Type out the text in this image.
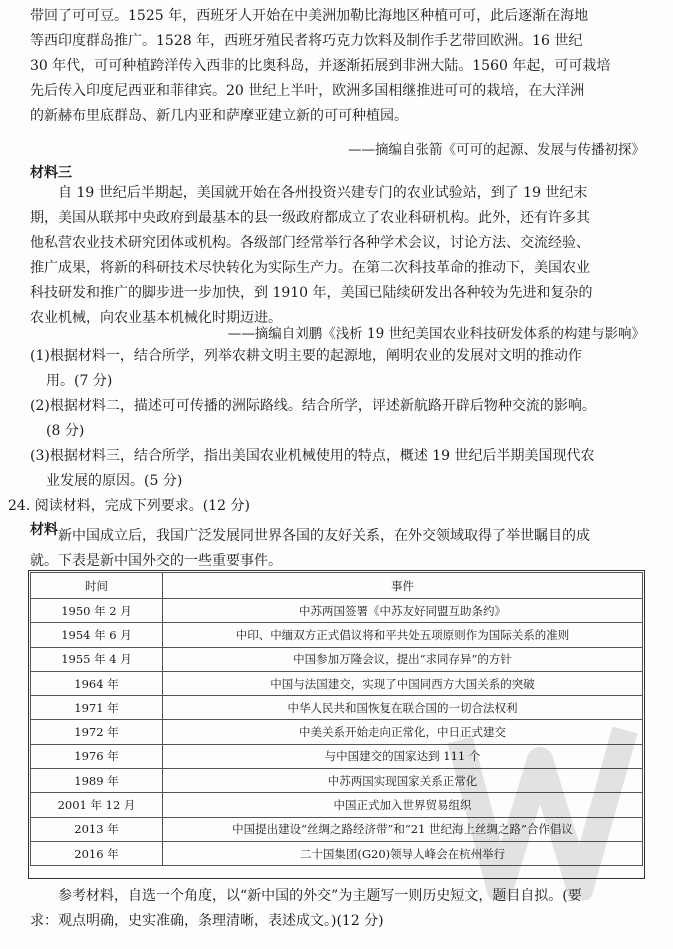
带回了可可豆。1525 年，西班牙人开始在中美洲加勒比海地区种植可可，此后逐渐在海地
等西印度群岛推广。1528 年，西班牙殖民者将巧克力饮料及制作手艺带回欧洲。16 世纪
30 年代，可可种植跨洋传入西非的比奥科岛，并逐渐拓展到非洲大陆。1560 年起，可可栽培
先后传入印度尼西亚和菲律宾。20 世纪上半叶，欧洲多国相继推进可可的栽培，在大洋洲
的新赫布里底群岛、新几内亚和萨摩亚建立新的可可种植园。
——摘编自张箭《可可的起源、发展与传播初探》
材料三
自 19 世纪后半期起，美国就开始在各州投资兴建专门的农业试验站，到了 19 世纪末
期，美国从联邦中央政府到最基本的县一级政府都成立了农业科研机构。此外，还有许多其
他私营农业技术研究团体或机构。各级部门经常举行各种学术会议，讨论方法、交流经验、
推广成果，将新的科研技术尽快转化为实际生产力。在第二次科技革命的推动下，美国农业
科技研发和推广的脚步进一步加快，到 1910 年，美国已陆续研发出各种较为先进和复杂的
农业机械，向农业基本机械化时期迈进。
——摘编自刘鹏《浅析 19 世纪美国农业科技研发体系的构建与影响》
(1)根据材料一，结合所学，列举农耕文明主要的起源地，阐明农业的发展对文明的推动作
用。(7 分)
(2)根据材料二，描述可可传播的洲际路线。结合所学，评述新航路开辟后物种交流的影响。
(8 分)
(3)根据材料三，结合所学，指出美国农业机械使用的特点，概述 19 世纪后半期美国现代农
业发展的原因。(5 分)
24. 阅读材料，完成下列要求。(12 分)
材料 新中国成立后，我国广泛发展同世界各国的友好关系，在外交领域取得了举世瞩目的成
就。下表是新中国外交的一些重要事件。
时间	事件
1950 年 2 月	中苏两国签署《中苏友好同盟互助条约》
1954 年 6 月	中印、中缅双方正式倡议将和平共处五项原则作为国际关系的准则
1955 年 4 月	中国参加万隆会议，提出“求同存异”的方针
1964 年	中国与法国建交，实现了中国同西方大国关系的突破
1971 年	中华人民共和国恢复在联合国的一切合法权利
1972 年	中美关系开始走向正常化，中日正式建交
1976 年	与中国建交的国家达到 111 个
1989 年	中苏两国实现国家关系正常化
2001 年 12 月	中国正式加入世界贸易组织
2013 年	中国提出建设“丝绸之路经济带”和“21 世纪海上丝绸之路”合作倡议
2016 年	二十国集团(G20)领导人峰会在杭州举行
参考材料，自选一个角度，以“新中国的外交”为主题写一则历史短文，题目自拟。(要
求：观点明确，史实准确，条理清晰，表述成文。)(12 分)
